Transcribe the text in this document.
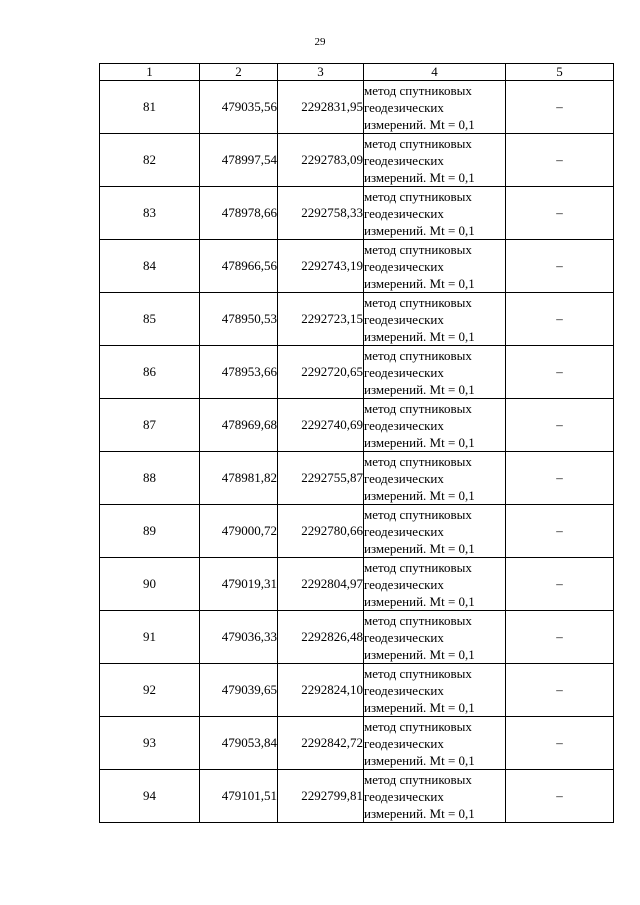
29
1	2	3	4	5
81	479035,56	2292831,95	метод спутниковых
геодезических
измерений. Mt = 0,1	–
82	478997,54	2292783,09	метод спутниковых
геодезических
измерений. Mt = 0,1	–
83	478978,66	2292758,33	метод спутниковых
геодезических
измерений. Mt = 0,1	–
84	478966,56	2292743,19	метод спутниковых
геодезических
измерений. Mt = 0,1	–
85	478950,53	2292723,15	метод спутниковых
геодезических
измерений. Mt = 0,1	–
86	478953,66	2292720,65	метод спутниковых
геодезических
измерений. Mt = 0,1	–
87	478969,68	2292740,69	метод спутниковых
геодезических
измерений. Mt = 0,1	–
88	478981,82	2292755,87	метод спутниковых
геодезических
измерений. Mt = 0,1	–
89	479000,72	2292780,66	метод спутниковых
геодезических
измерений. Mt = 0,1	–
90	479019,31	2292804,97	метод спутниковых
геодезических
измерений. Mt = 0,1	–
91	479036,33	2292826,48	метод спутниковых
геодезических
измерений. Mt = 0,1	–
92	479039,65	2292824,10	метод спутниковых
геодезических
измерений. Mt = 0,1	–
93	479053,84	2292842,72	метод спутниковых
геодезических
измерений. Mt = 0,1	–
94	479101,51	2292799,81	метод спутниковых
геодезических
измерений. Mt = 0,1	–
